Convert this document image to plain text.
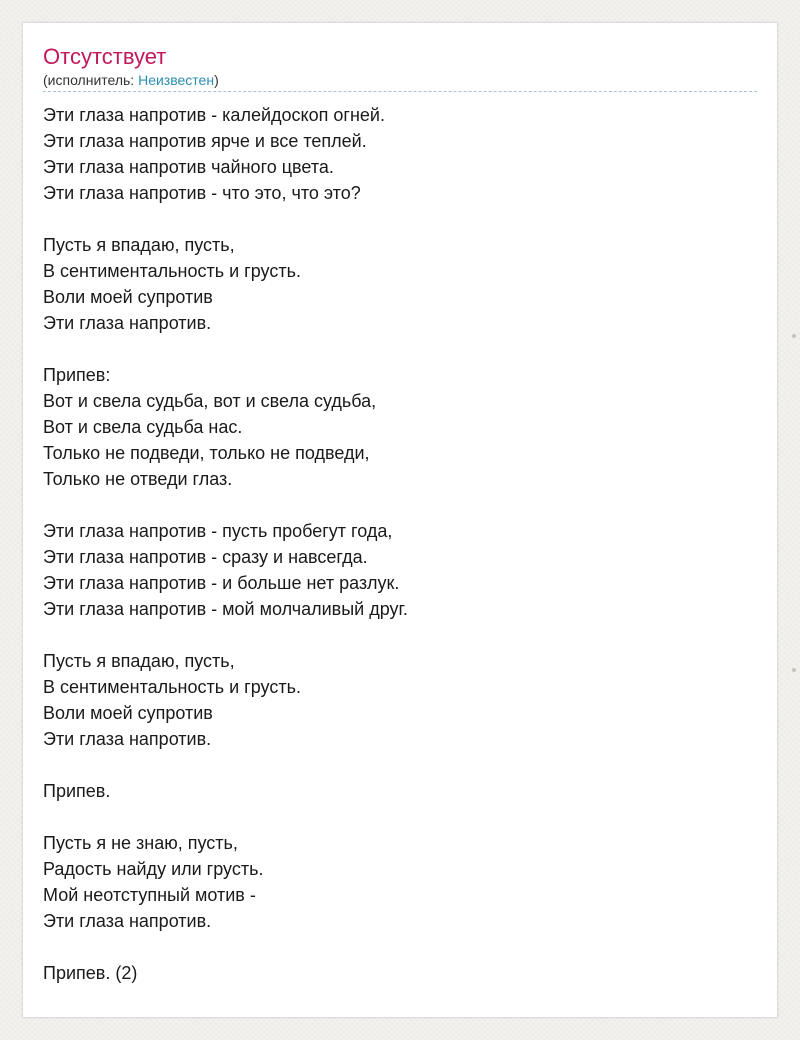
Отсутствует
(исполнитель: Неизвестен)
Эти глаза напротив - калейдоскоп огней.
Эти глаза напротив ярче и все теплей.
Эти глаза напротив чайного цвета.
Эти глаза напротив - что это, что это?
Пусть я впадаю, пусть,
В сентиментальность и грусть.
Воли моей супротив
Эти глаза напротив.
Припев:
Вот и свела судьба, вот и свела судьба,
Вот и свела судьба нас.
Только не подведи, только не подведи,
Только не отведи глаз.
Эти глаза напротив - пусть пробегут года,
Эти глаза напротив - сразу и навсегда.
Эти глаза напротив - и больше нет разлук.
Эти глаза напротив - мой молчаливый друг.
Пусть я впадаю, пусть,
В сентиментальность и грусть.
Воли моей супротив
Эти глаза напротив.
Припев.
Пусть я не знаю, пусть,
Радость найду или грусть.
Мой неотступный мотив -
Эти глаза напротив.
Припев. (2)
